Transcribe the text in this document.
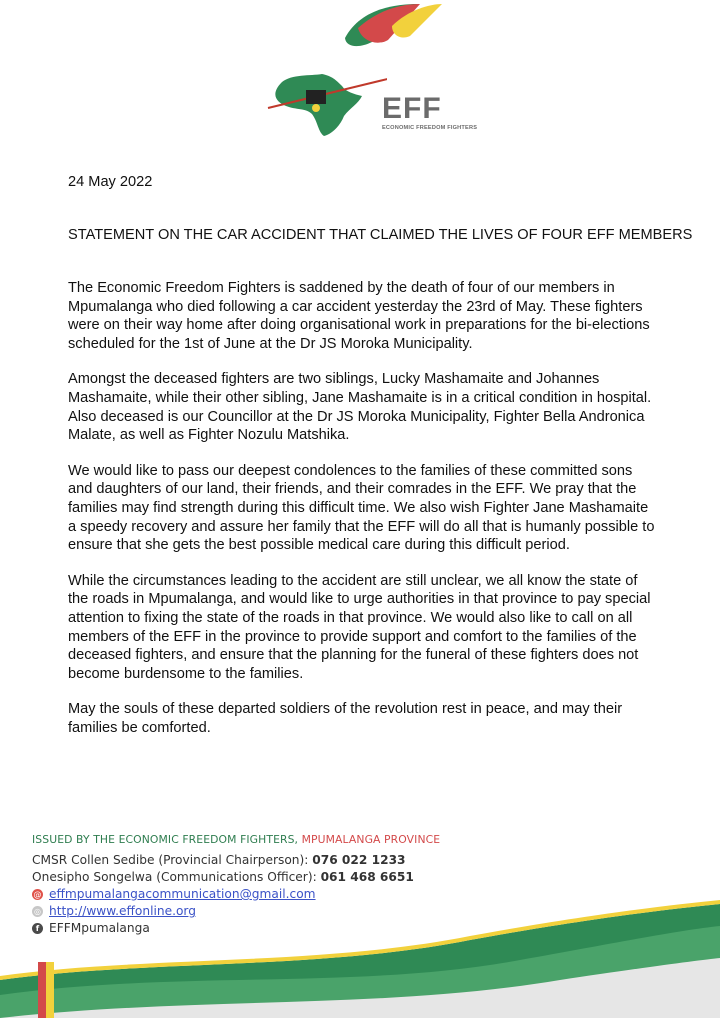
EFF
ECONOMIC FREEDOM FIGHTERS
24 May 2022
STATEMENT ON THE CAR ACCIDENT THAT CLAIMED THE LIVES OF FOUR EFF MEMBERS

The Economic Freedom Fighters is saddened by the death of four of our members in Mpumalanga who died following a car accident yesterday the 23rd of May. These fighters were on their way home after doing organisational work in preparations for the bi-elections scheduled for the 1st of June at the Dr JS Moroka Municipality.

Amongst the deceased fighters are two siblings, Lucky Mashamaite and Johannes Mashamaite, while their other sibling, Jane Mashamaite is in a critical condition in hospital. Also deceased is our Councillor at the Dr JS Moroka Municipality, Fighter Bella Andronica Malate, as well as Fighter Nozulu Matshika.

We would like to pass our deepest condolences to the families of these committed sons and daughters of our land, their friends, and their comrades in the EFF. We pray that the families may find strength during this difficult time. We also wish Fighter Jane Mashamaite a speedy recovery and assure her family that the EFF will do all that is humanly possible to ensure that she gets the best possible medical care during this difficult period.

While the circumstances leading to the accident are still unclear, we all know the state of the roads in Mpumalanga, and would like to urge authorities in that province to pay special attention to fixing the state of the roads in that province. We would also like to call on all members of the EFF in the province to provide support and comfort to the families of the deceased fighters, and ensure that the planning for the funeral of these fighters does not become burdensome to the families.

May the souls of these departed soldiers of the revolution rest in peace, and may their families be comforted.

ISSUED BY THE ECONOMIC FREEDOM FIGHTERS, MPUMALANGA PROVINCE
CMSR Collen Sedibe (Provincial Chairperson): 076 022 1233
Onesipho Songelwa (Communications Officer): 061 468 6651
@ effmpumalangacommunication@gmail.com
◎ http://www.effonline.org
f EFFMpumalanga
